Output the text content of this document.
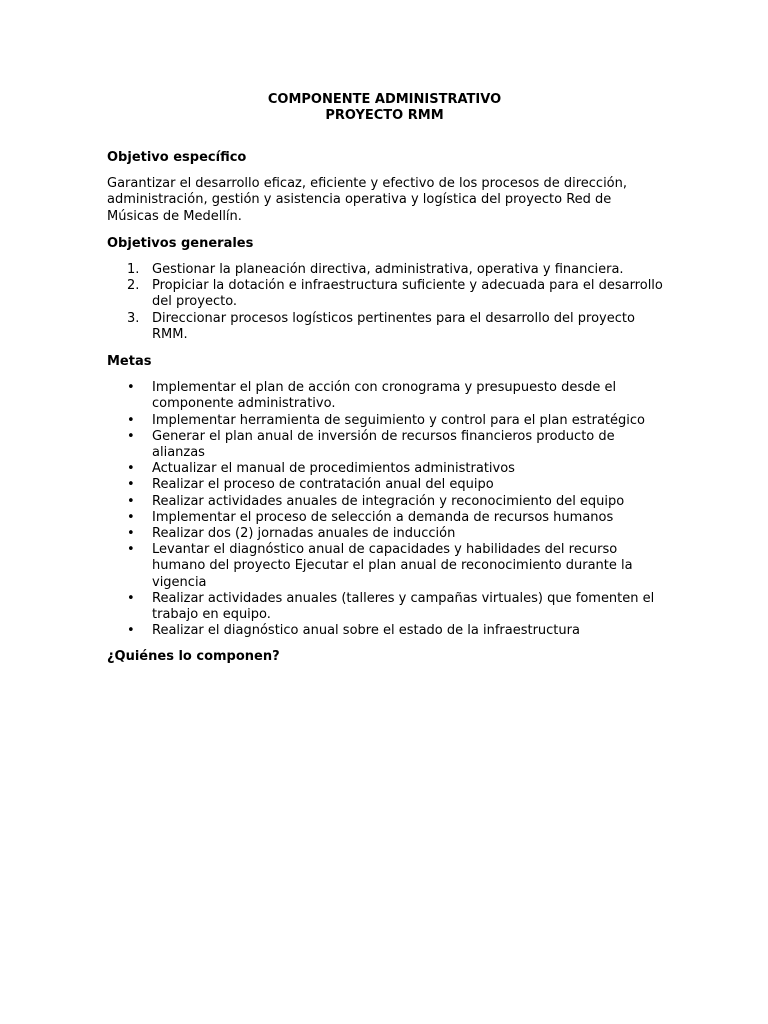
COMPONENTE ADMINISTRATIVO
PROYECTO RMM

Objetivo específico

Garantizar el desarrollo eficaz, eficiente y efectivo de los procesos de dirección, administración, gestión y asistencia operativa y logística del proyecto Red de Músicas de Medellín.

Objetivos generales

1. Gestionar la planeación directiva, administrativa, operativa y financiera.
2. Propiciar la dotación e infraestructura suficiente y adecuada para el desarrollo del proyecto.
3. Direccionar procesos logísticos pertinentes para el desarrollo del proyecto RMM.

Metas

• Implementar el plan de acción con cronograma y presupuesto desde el componente administrativo.
• Implementar herramienta de seguimiento y control para el plan estratégico
• Generar el plan anual de inversión de recursos financieros producto de alianzas
• Actualizar el manual de procedimientos administrativos
• Realizar el proceso de contratación anual del equipo
• Realizar actividades anuales de integración y reconocimiento del equipo
• Implementar el proceso de selección a demanda de recursos humanos
• Realizar dos (2) jornadas anuales de inducción
• Levantar el diagnóstico anual de capacidades y habilidades del recurso humano del proyecto Ejecutar el plan anual de reconocimiento durante la vigencia
• Realizar actividades anuales (talleres y campañas virtuales) que fomenten el trabajo en equipo.
• Realizar el diagnóstico anual sobre el estado de la infraestructura

¿Quiénes lo componen?
